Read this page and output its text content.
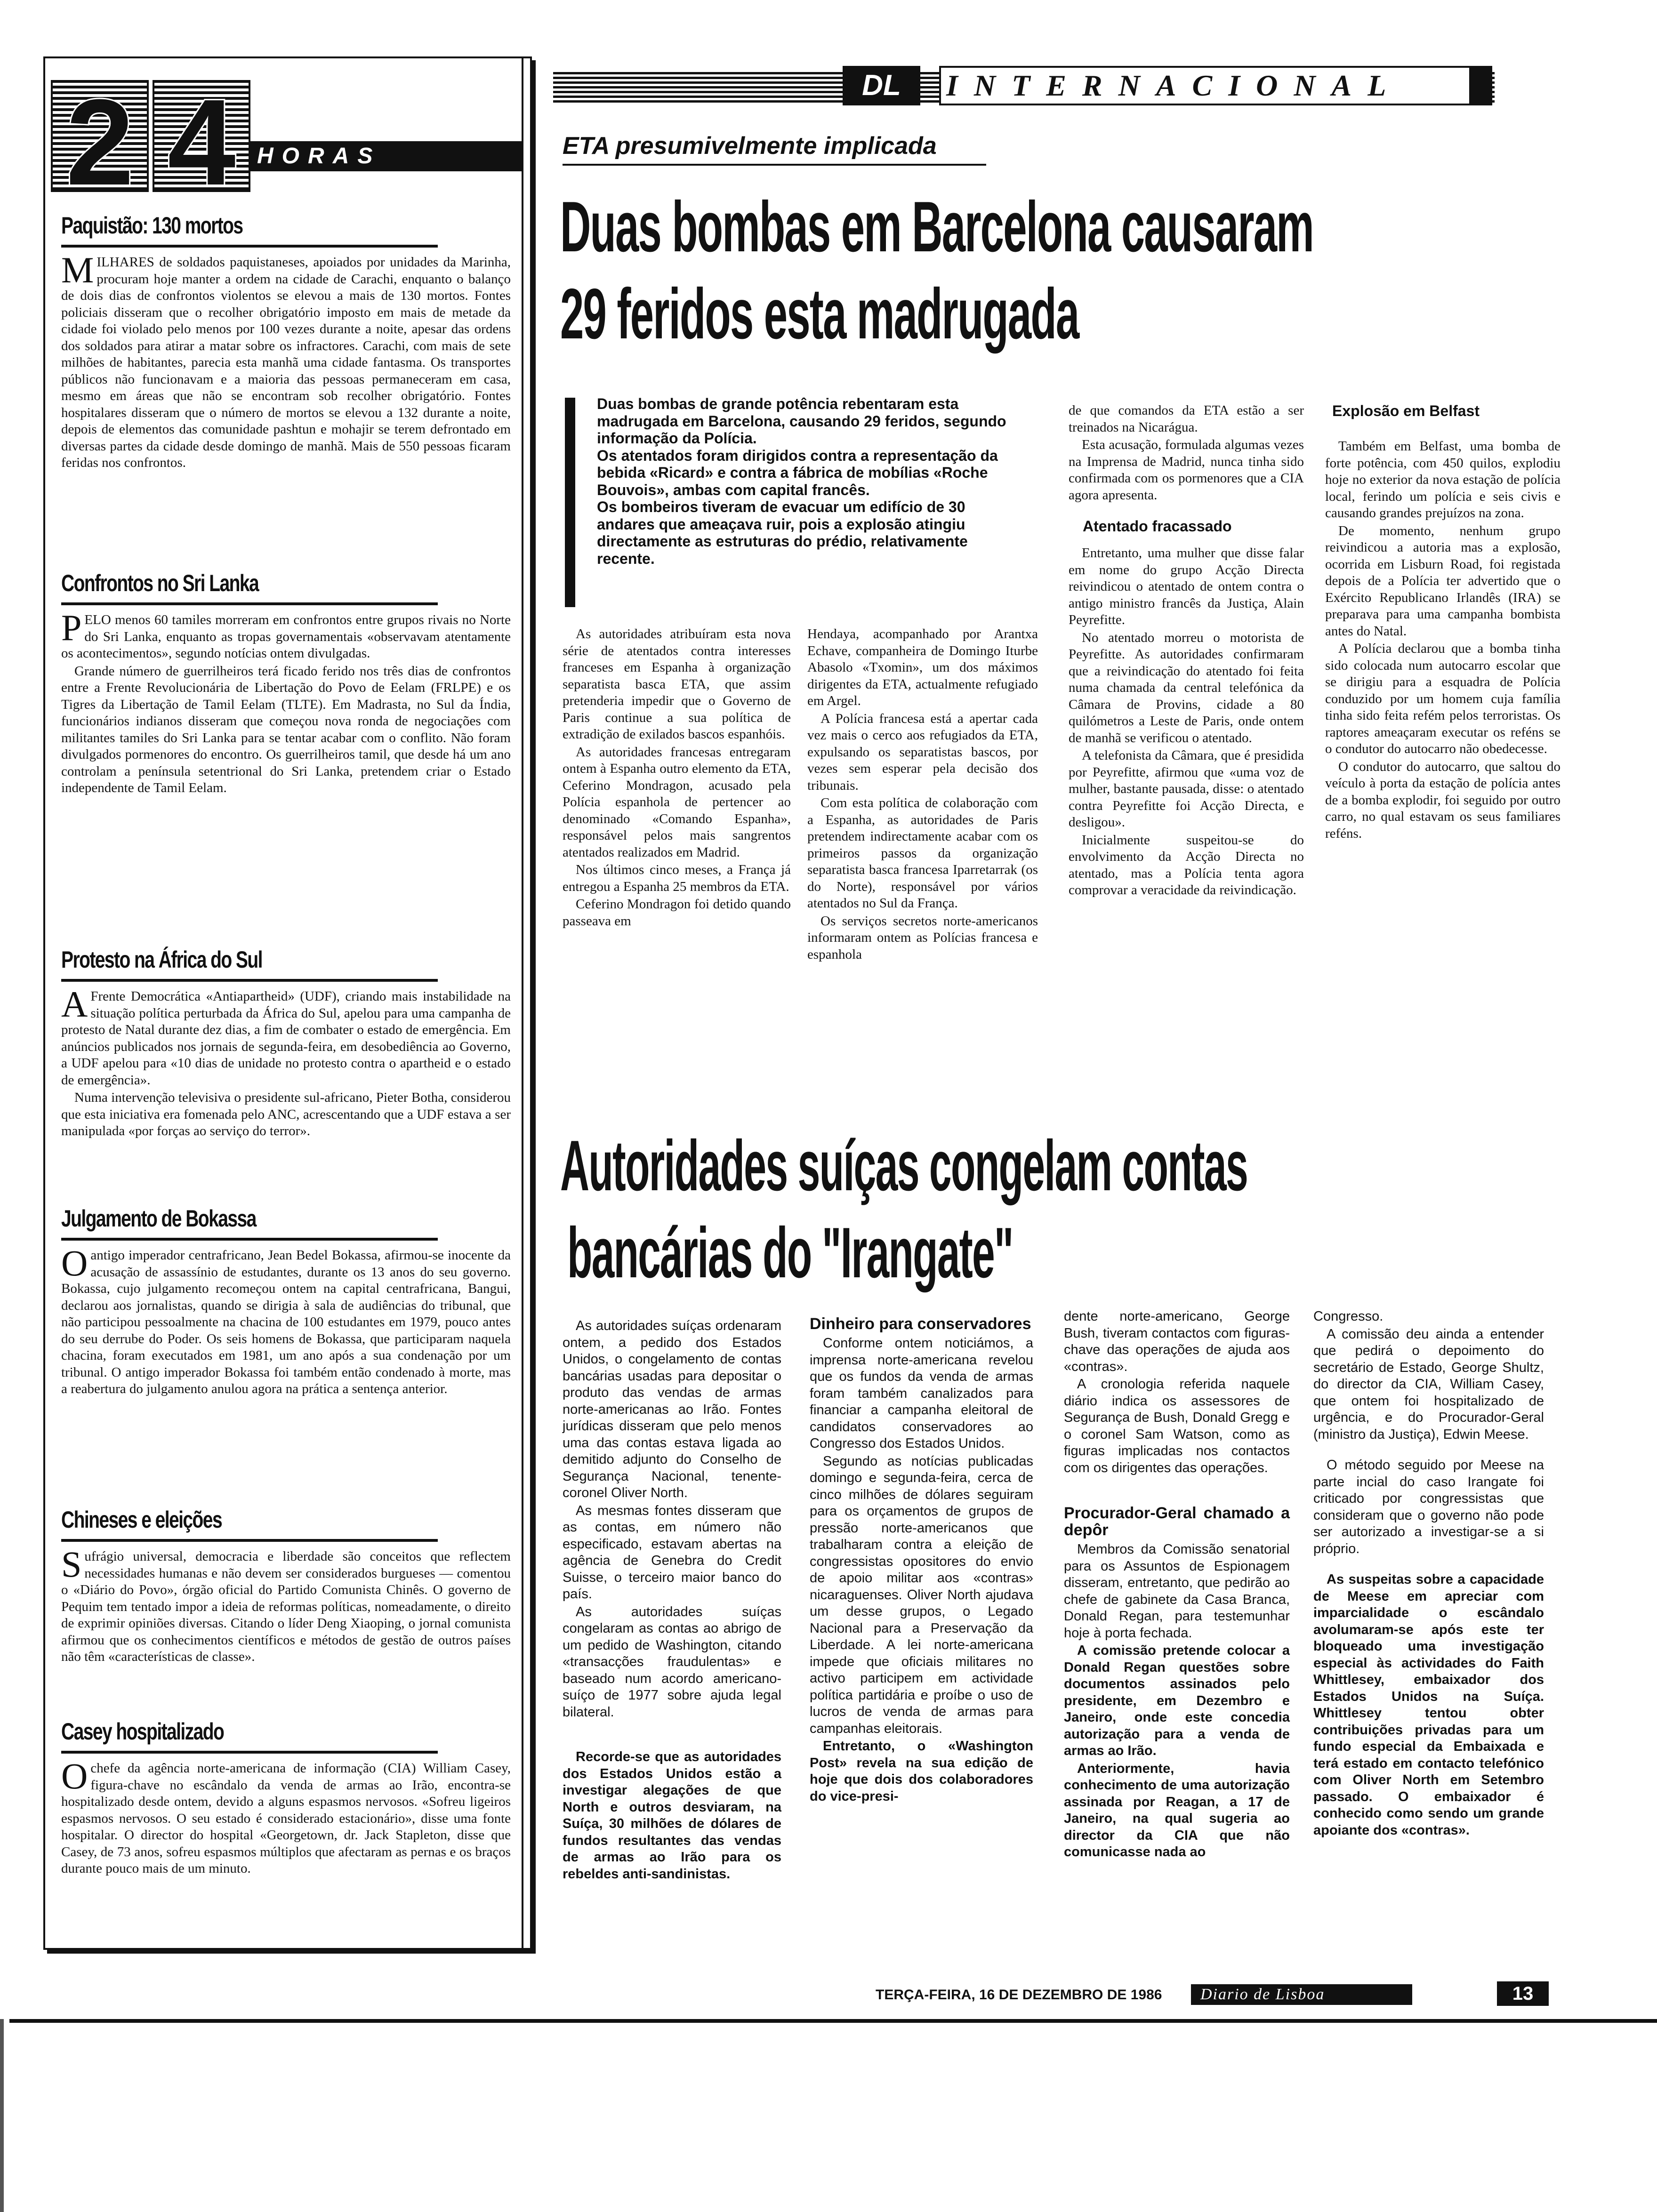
2 4 HORAS
Paquistão: 130 mortos
M ILHARES de soldados paquistaneses, apoiados por unidades da Marinha, procuram hoje manter a ordem na cidade de Carachi, enquanto o balanço de dois dias de confrontos violentos se elevou a mais de 130 mortos. Fontes policiais disseram que o recolher obrigatório imposto em mais de metade da cidade foi violado pelo menos por 100 vezes durante a noite, apesar das ordens dos soldados para atirar a matar sobre os infractores. Carachi, com mais de sete milhões de habitantes, parecia esta manhã uma cidade fantasma. Os transportes públicos não funcionavam e a maioria das pessoas permaneceram em casa, mesmo em áreas que não se encontram sob recolher obrigatório. Fontes hospitalares disseram que o número de mortos se elevou a 132 durante a noite, depois de elementos das comunidade pashtun e mohajir se terem defrontado em diversas partes da cidade desde domingo de manhã. Mais de 550 pessoas ficaram feridas nos confrontos.
Confrontos no Sri Lanka

PELO menos 60 tamiles morreram em confrontos entre grupos rivais no Norte do Sri Lanka, enquanto as tropas governamentais «observavam atentamente os acontecimentos», segundo notícias ontem divulgadas.

Grande número de guerrilheiros terá ficado ferido nos três dias de confrontos entre a Frente Revolucionária de Libertação do Povo de Eelam (FRLPE) e os Tigres da Libertação de Tamil Eelam (TLTE). Em Madrasta, no Sul da Índia, funcionários indianos disseram que começou nova ronda de negociações com militantes tamiles do Sri Lanka para se tentar acabar com o conflito. Não foram divulgados pormenores do encontro. Os guerrilheiros tamil, que desde há um ano controlam a península setentrional do Sri Lanka, pretendem criar o Estado independente de Tamil Eelam.

Protesto na África do Sul

A Frente Democrática «Antiapartheid» (UDF), criando mais instabilidade na situação política perturbada da África do Sul, apelou para uma campanha de protesto de Natal durante dez dias, a fim de combater o estado de emergência. Em anúncios publicados nos jornais de segunda-feira, em desobediência ao Governo, a UDF apelou para «10 dias de unidade no protesto contra o apartheid e o estado de emergência».

Numa intervenção televisiva o presidente sul-africano, Pieter Botha, considerou que esta iniciativa era fomenada pelo ANC, acrescentando que a UDF estava a ser manipulada «por forças ao serviço do terror».

Julgamento de Bokassa
O antigo imperador centrafricano, Jean Bedel Bokassa, afirmou-se inocente da acusação de assassínio de estudantes, durante os 13 anos do seu governo. Bokassa, cujo julgamento recomeçou ontem na capital centrafricana, Bangui, declarou aos jornalistas, quando se dirigia à sala de audiências do tribunal, que não participou pessoalmente na chacina de 100 estudantes em 1979, pouco antes do seu derrube do Poder. Os seis homens de Bokassa, que participaram naquela chacina, foram executados em 1981, um ano após a sua condenação por um tribunal. O antigo imperador Bokassa foi também então condenado à morte, mas a reabertura do julgamento anulou agora na prática a sentença anterior.
Chineses e eleições
S ufrágio universal, democracia e liberdade são conceitos que reflectem necessidades humanas e não devem ser considerados burgueses — comentou o «Diário do Povo», órgão oficial do Partido Comunista Chinês. O governo de Pequim tem tentado impor a ideia de reformas políticas, nomeadamente, o direito de exprimir opiniões diversas. Citando o líder Deng Xiaoping, o jornal comunista afirmou que os conhecimentos científicos e métodos de gestão de outros países não têm «características de classe».
Casey hospitalizado
O chefe da agência norte-americana de informação (CIA) William Casey, figura-chave no escândalo da venda de armas ao Irão, encontra-se hospitalizado desde ontem, devido a alguns espasmos nervosos. «Sofreu ligeiros espasmos nervosos. O seu estado é considerado estacionário», disse uma fonte hospitalar. O director do hospital «Georgetown, dr. Jack Stapleton, disse que Casey, de 73 anos, sofreu espasmos múltiplos que afectaram as pernas e os braços durante pouco mais de um minuto.
DL	INTERNACIONAL
ETA presumivelmente implicada
Duas bombas em Barcelona causaram
29 feridos esta madrugada

Duas bombas de grande potência rebentaram esta madrugada em Barcelona, causando 29 feridos, segundo informação da Polícia.

Os atentados foram dirigidos contra a representação da bebida «Ricard» e contra a fábrica de mobílias «Roche Bouvois», ambas com capital francês.

Os bombeiros tiveram de evacuar um edifício de 30 andares que ameaçava ruir, pois a explosão atingiu directamente as estruturas do prédio, relativamente recente.

As autoridades atribuíram esta nova série de atentados contra interesses franceses em Espanha à organização separatista basca ETA, que assim pretenderia impedir que o Governo de Paris continue a sua política de extradição de exilados bascos espanhóis.

As autoridades francesas entregaram ontem à Espanha outro elemento da ETA, Ceferino Mondragon, acusado pela Polícia espanhola de pertencer ao denominado «Comando Espanha», responsável pelos mais sangrentos atentados realizados em Madrid.

Nos últimos cinco meses, a França já entregou a Espanha 25 membros da ETA.

Ceferino Mondragon foi detido quando passeava em

Hendaya, acompanhado por Arantxa Echave, companheira de Domingo Iturbe Abasolo «Txomin», um dos máximos dirigentes da ETA, actualmente refugiado em Argel.

A Polícia francesa está a apertar cada vez mais o cerco aos refugiados da ETA, expulsando os separatistas bascos, por vezes sem esperar pela decisão dos tribunais.

Com esta política de colaboração com a Espanha, as autoridades de Paris pretendem indirectamente acabar com os primeiros passos da organização separatista basca francesa Iparretarrak (os do Norte), responsável por vários atentados no Sul da França.

Os serviços secretos norte-americanos informaram ontem as Polícias francesa e espanhola

de que comandos da ETA estão a ser treinados na Nicarágua.

Esta acusação, formulada algumas vezes na Imprensa de Madrid, nunca tinha sido confirmada com os pormenores que a CIA agora apresenta.

Atentado fracassado

Entretanto, uma mulher que disse falar em nome do grupo Acção Directa reivindicou o atentado de ontem contra o antigo ministro francês da Justiça, Alain Peyrefitte.

No atentado morreu o motorista de Peyrefitte. As autoridades confirmaram que a reivindicação do atentado foi feita numa chamada da central telefónica da Câmara de Provins, cidade a 80 quilómetros a Leste de Paris, onde ontem de manhã se verificou o atentado.

A telefonista da Câmara, que é presidida por Peyrefitte, afirmou que «uma voz de mulher, bastante pausada, disse: o atentado contra Peyrefitte foi Acção Directa, e desligou».

Inicialmente suspeitou-se do envolvimento da Acção Directa no atentado, mas a Polícia tenta agora comprovar a veracidade da reivindicação.

Explosão em Belfast

Também em Belfast, uma bomba de forte potência, com 450 quilos, explodiu hoje no exterior da nova estação de polícia local, ferindo um polícia e seis civis e causando grandes prejuízos na zona.

De momento, nenhum grupo reivindicou a autoria mas a explosão, ocorrida em Lisburn Road, foi registada depois de a Polícia ter advertido que o Exército Republicano Irlandês (IRA) se preparava para uma campanha bombista antes do Natal.

A Polícia declarou que a bomba tinha sido colocada num autocarro escolar que se dirigiu para a esquadra de Polícia conduzido por um homem cuja família tinha sido feita refém pelos terroristas. Os raptores ameaçaram executar os reféns se o condutor do autocarro não obedecesse.

O condutor do autocarro, que saltou do veículo à porta da estação de polícia antes de a bomba explodir, foi seguido por outro carro, no qual estavam os seus familiares reféns.

Autoridades suíças congelam contas
bancárias do "Irangate"

As autoridades suíças ordenaram ontem, a pedido dos Estados Unidos, o congelamento de contas bancárias usadas para depositar o produto das vendas de armas norte-americanas ao Irão. Fontes jurídicas disseram que pelo menos uma das contas estava ligada ao demitido adjunto do Conselho de Segurança Nacional, tenente-coronel Oliver North.

As mesmas fontes disseram que as contas, em número não especificado, estavam abertas na agência de Genebra do Credit Suisse, o terceiro maior banco do país.

As autoridades suíças congelaram as contas ao abrigo de um pedido de Washington, citando «transacções fraudulentas» e baseado num acordo americano-suíço de 1977 sobre ajuda legal bilateral.

Recorde-se que as autoridades dos Estados Unidos estão a investigar alegações de que North e outros desviaram, na Suíça, 30 milhões de dólares de fundos resultantes das vendas de armas ao Irão para os rebeldes anti-sandinistas.

Dinheiro para conservadores

Conforme ontem noticiámos, a imprensa norte-americana revelou que os fundos da venda de armas foram também canalizados para financiar a campanha eleitoral de candidatos conservadores ao Congresso dos Estados Unidos.

Segundo as notícias publicadas domingo e segunda-feira, cerca de cinco milhões de dólares seguiram para os orçamentos de grupos de pressão norte-americanos que trabalharam contra a eleição de congressistas opositores do envio de apoio militar aos «contras» nicaraguenses. Oliver North ajudava um desse grupos, o Legado Nacional para a Preservação da Liberdade. A lei norte-americana impede que oficiais militares no activo participem em actividade política partidária e proíbe o uso de lucros de venda de armas para campanhas eleitorais.

Entretanto, o «Washington Post» revela na sua edição de hoje que dois dos colaboradores do vice-presi-

dente norte-americano, George Bush, tiveram contactos com figuras-chave das operações de ajuda aos «contras».

A cronologia referida naquele diário indica os assessores de Segurança de Bush, Donald Gregg e o coronel Sam Watson, como as figuras implicadas nos contactos com os dirigentes das operações.

Procurador-Geral chamado a depôr

Membros da Comissão senatorial para os Assuntos de Espionagem disseram, entretanto, que pedirão ao chefe de gabinete da Casa Branca, Donald Regan, para testemunhar hoje à porta fechada.

A comissão pretende colocar a Donald Regan questões sobre documentos assinados pelo presidente, em Dezembro e Janeiro, onde este concedia autorização para a venda de armas ao Irão.

Anteriormente, havia conhecimento de uma autorização assinada por Reagan, a 17 de Janeiro, na qual sugeria ao director da CIA que não comunicasse nada ao

Congresso.

A comissão deu ainda a entender que pedirá o depoimento do secretário de Estado, George Shultz, do director da CIA, William Casey, que ontem foi hospitalizado de urgência, e do Procurador-Geral (ministro da Justiça), Edwin Meese.

O método seguido por Meese na parte incial do caso Irangate foi criticado por congressistas que consideram que o governo não pode ser autorizado a investigar-se a si próprio.

As suspeitas sobre a capacidade de Meese em apreciar com imparcialidade o escândalo avolumaram-se após este ter bloqueado uma investigação especial às actividades do Faith Whittlesey, embaixador dos Estados Unidos na Suíça. Whittlesey tentou obter contribuições privadas para um fundo especial da Embaixada e terá estado em contacto telefónico com Oliver North em Setembro passado. O embaixador é conhecido como sendo um grande apoiante dos «contras».

TERÇA-FEIRA, 16 DE DEZEMBRO DE 1986	Diario de Lisboa	13
